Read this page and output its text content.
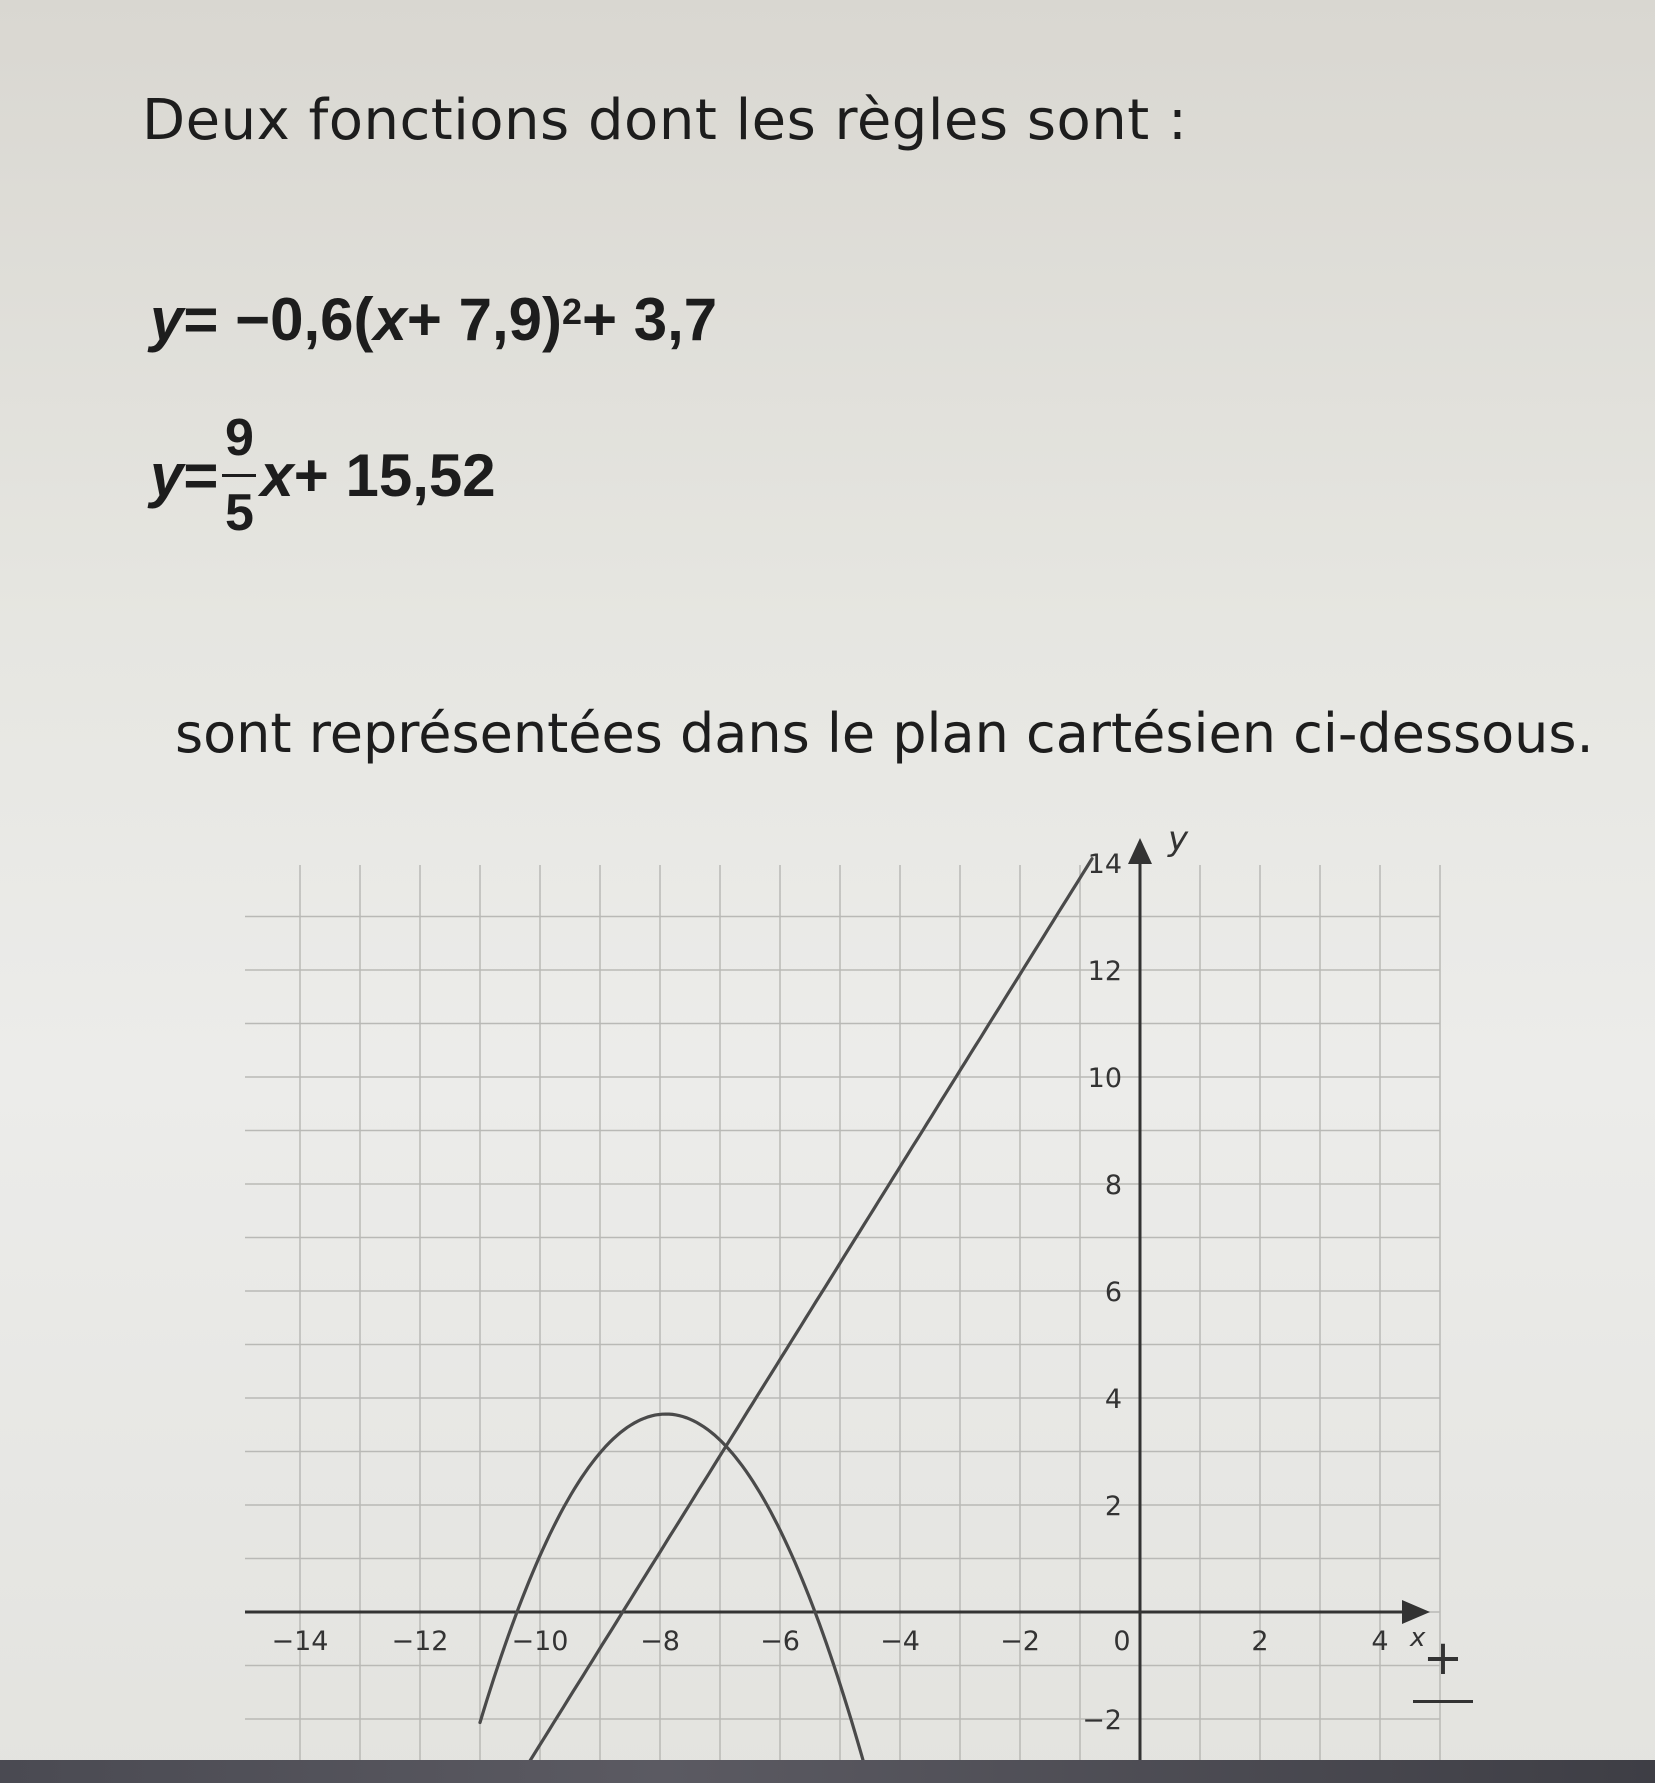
Deux fonctions dont les règles sont :

y = −0,6( x + 7,9) 2 + 3,7
$y = \frac{9}{5}$ x + 15,52

sont représentées dans le plan cartésien ci-dessous.

x
y
−14 −12 −10	−8	−6	−4	−2	0	2	4
14
12
10
8
6
4
2
−2
+
